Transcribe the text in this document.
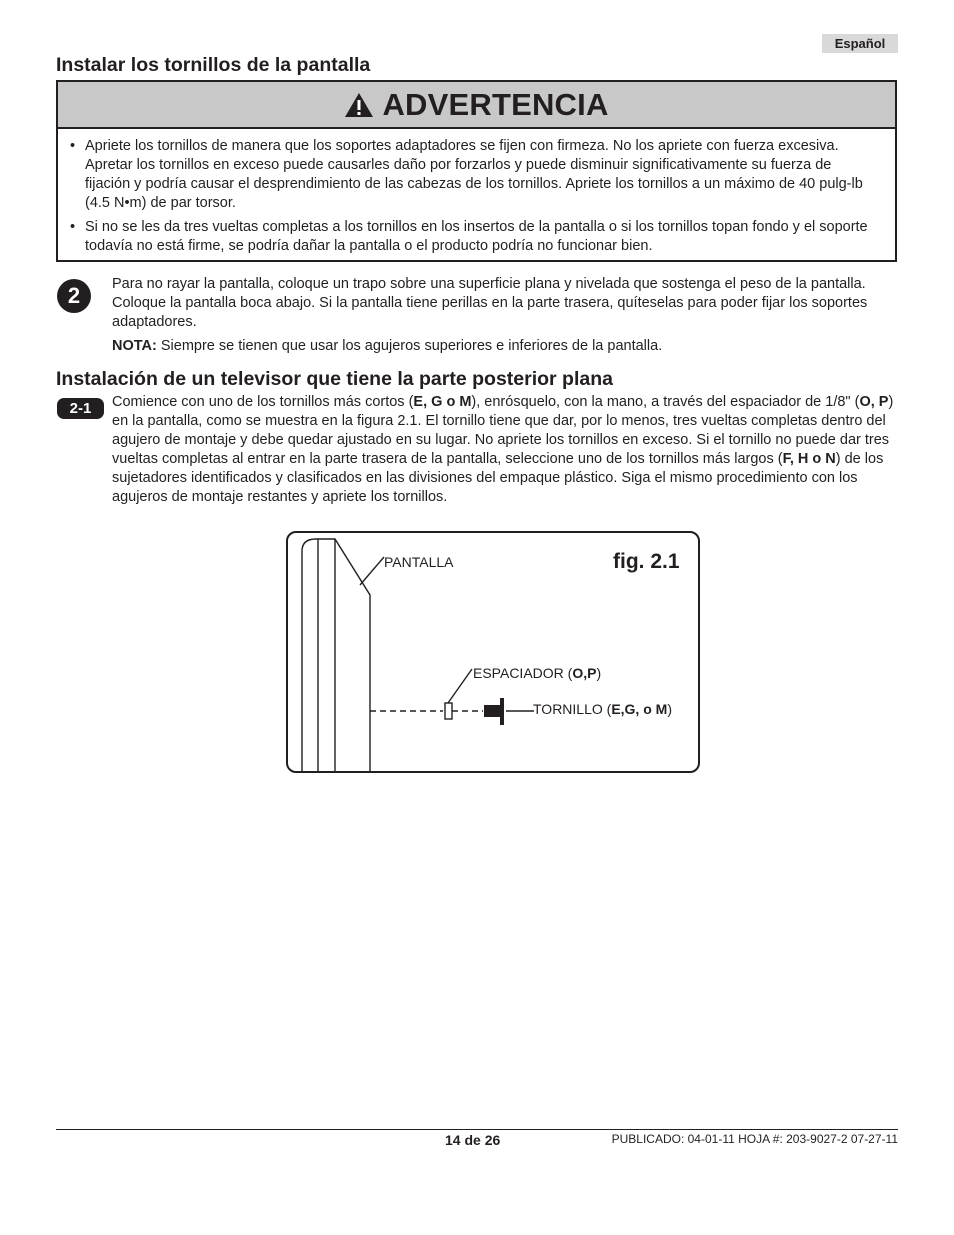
Español
Instalar los tornillos de la pantalla
ADVERTENCIA
• Apriete los tornillos de manera que los soportes adaptadores se fijen con firmeza. No los apriete con fuerza excesiva. Apretar los tornillos en exceso puede causarles daño por forzarlos y puede disminuir significativamente su fuerza de fijación y podría causar el desprendimiento de las cabezas de los tornillos. Apriete los tornillos a un máximo de 40 pulg-lb (4.5 N•m) de par torsor.
• Si no se les da tres vueltas completas a los tornillos en los insertos de la pantalla o si los tornillos topan fondo y el soporte todavía no está firme, se podría dañar la pantalla o el producto podría no funcionar bien.
2	Para no rayar la pantalla, coloque un trapo sobre una superficie plana y nivelada que sostenga el peso de la pantalla. Coloque la pantalla boca abajo. Si la pantalla tiene perillas en la parte trasera, quíteselas para poder fijar los soportes adaptadores.
NOTA: Siempre se tienen que usar los agujeros superiores e inferiores de la pantalla.
Instalación de un televisor que tiene la parte posterior plana
2-1	Comience con uno de los tornillos más cortos (E, G o M), enrósquelo, con la mano, a través del espaciador de 1/8" (O, P) en la pantalla, como se muestra en la figura 2.1. El tornillo tiene que dar, por lo menos, tres vueltas completas dentro del agujero de montaje y debe quedar ajustado en su lugar. No apriete los tornillos en exceso. Si el tornillo no puede dar tres vueltas completas al entrar en la parte trasera de la pantalla, seleccione uno de los tornillos más largos (F, H o N) de los sujetadores identificados y clasificados en las divisiones del empaque plástico. Siga el mismo procedimiento con los agujeros de montaje restantes y apriete los tornillos.
fig. 2.1
PANTALLA
ESPACIADOR (O,P)
TORNILLO (E,G, o M)
14 de 26	PUBLICADO: 04-01-11 HOJA #: 203-9027-2 07-27-11
